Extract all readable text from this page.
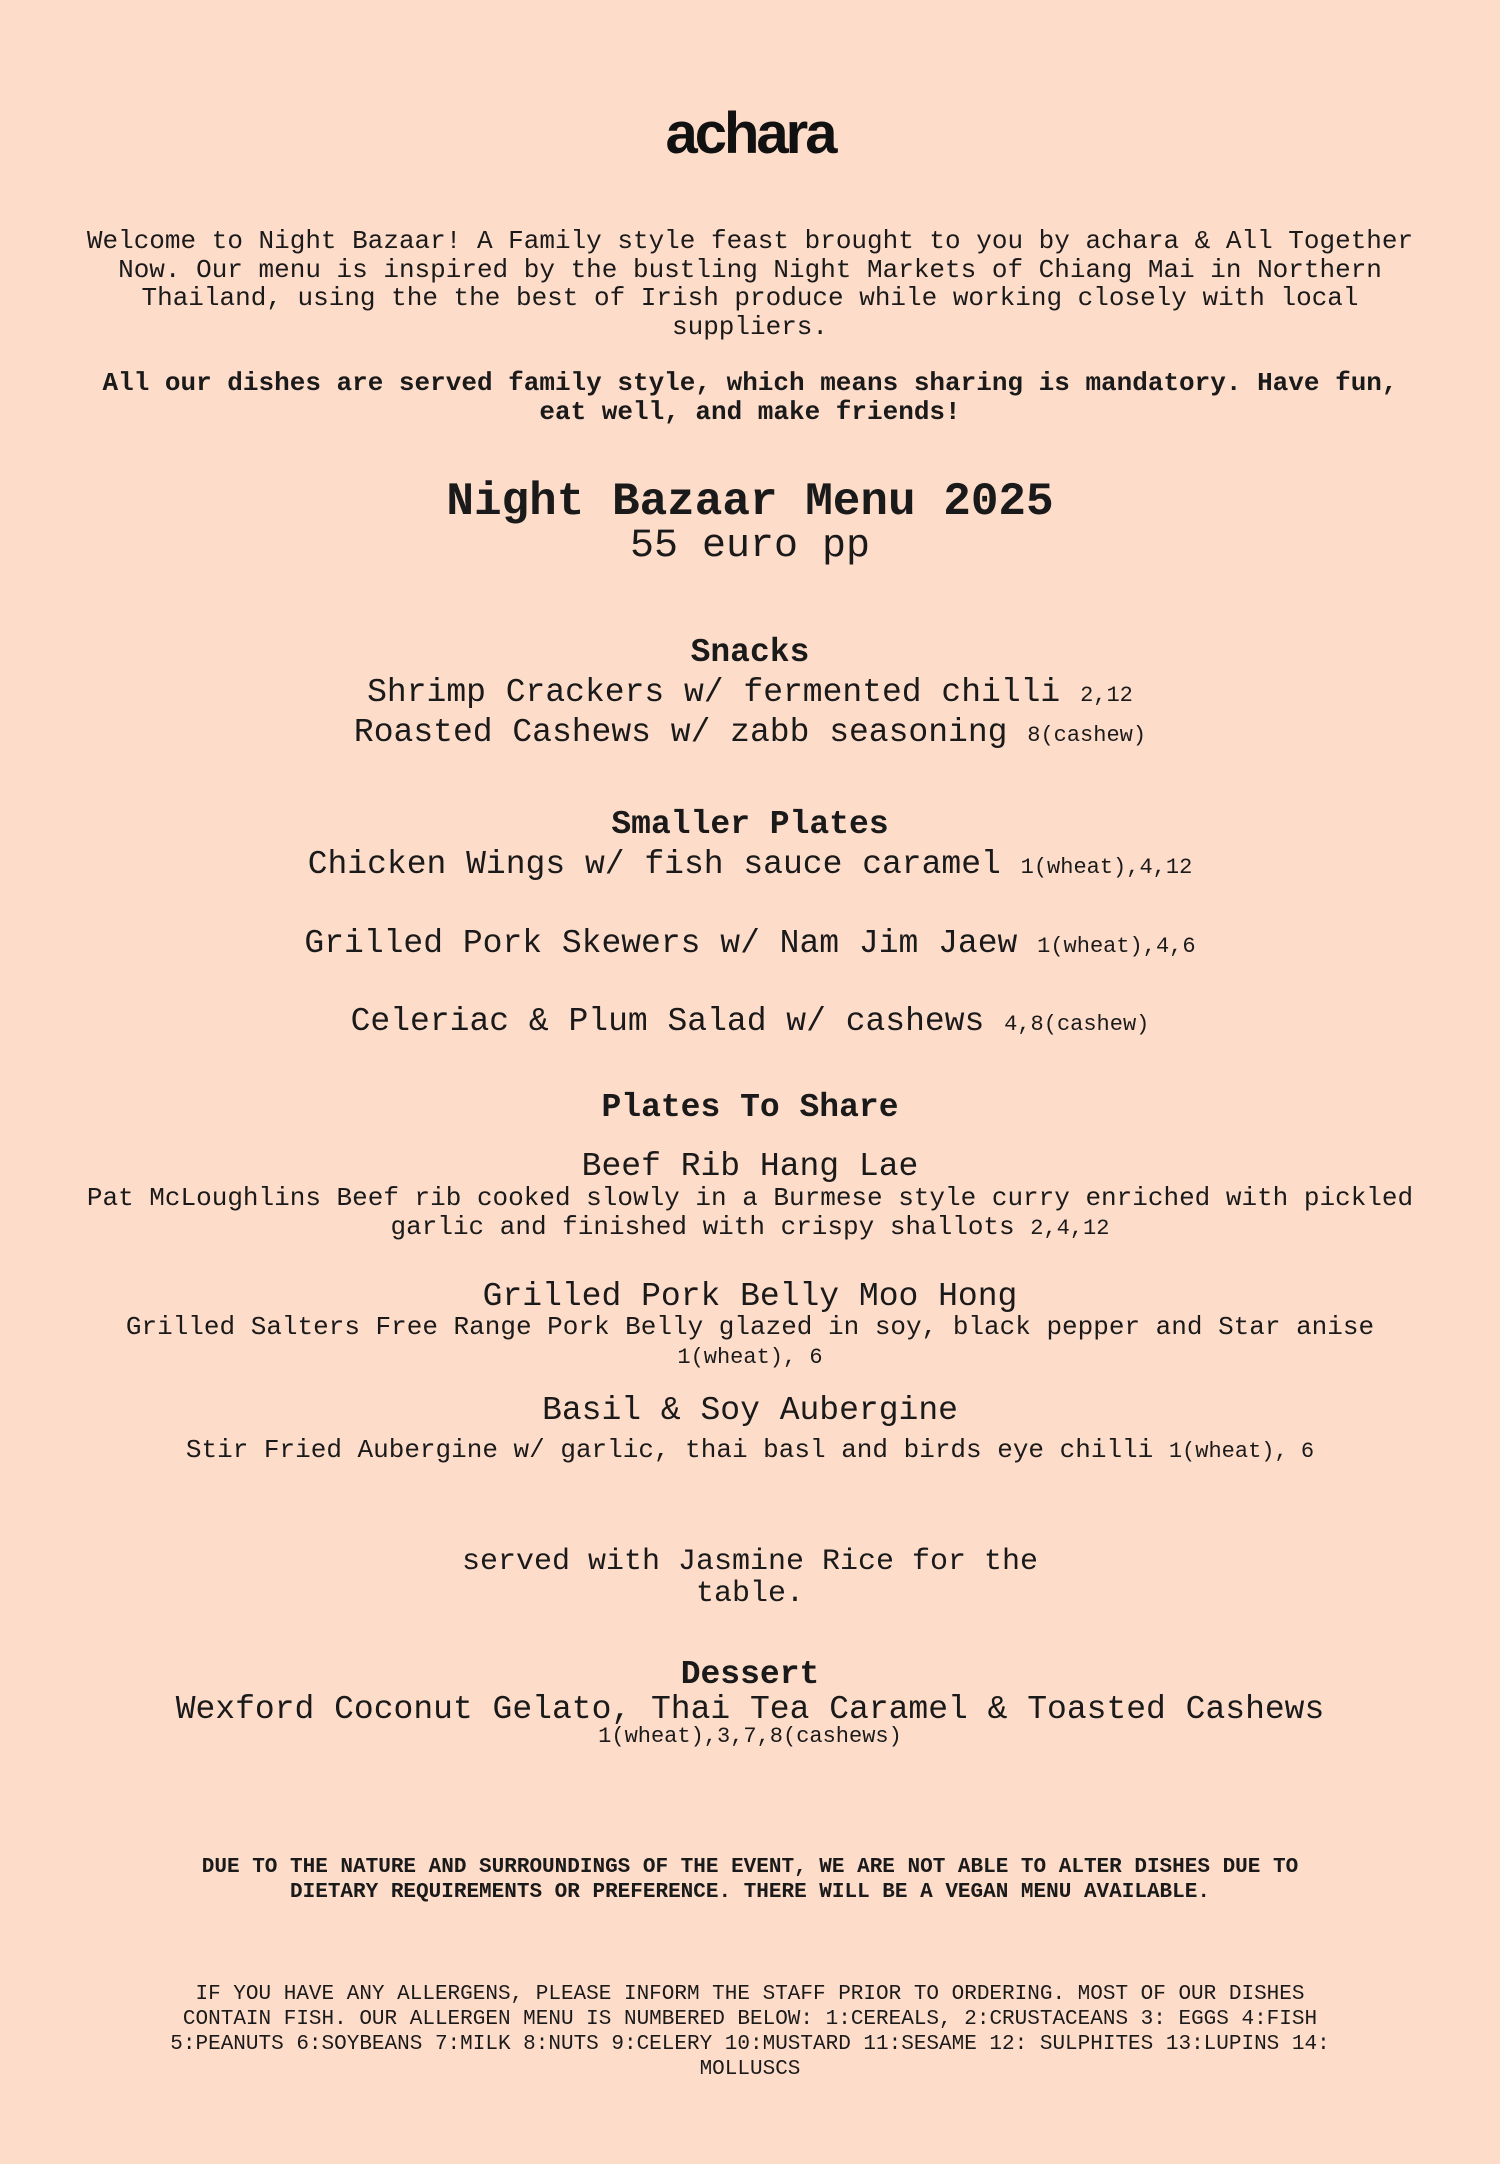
achara

Welcome to Night Bazaar! A Family style feast brought to you by achara & All Together Now. Our menu is inspired by the bustling Night Markets of Chiang Mai in Northern Thailand, using the the best of Irish produce while working closely with local suppliers.

All our dishes are served family style, which means sharing is mandatory. Have fun, eat well, and make friends!

Night Bazaar Menu 2025
55 euro pp
Snacks
Shrimp Crackers w/ fermented chilli 2,12
Roasted Cashews w/ zabb seasoning 8(cashew)
Smaller Plates
Chicken Wings w/ fish sauce caramel 1(wheat),4,12
Grilled Pork Skewers w/ Nam Jim Jaew 1(wheat),4,6
Celeriac & Plum Salad w/ cashews 4,8(cashew)
Plates To Share
Beef Rib Hang Lae

Pat McLoughlins Beef rib cooked slowly in a Burmese style curry enriched with pickled garlic and finished with crispy shallots 2,4,12

Grilled Pork Belly Moo Hong

Grilled Salters Free Range Pork Belly glazed in soy, black pepper and Star anise
1(wheat), 6

Basil & Soy Aubergine

Stir Fried Aubergine w/ garlic, thai basl and birds eye chilli 1(wheat), 6

served with Jasmine Rice for the table.

Dessert
Wexford Coconut Gelato, Thai Tea Caramel & Toasted Cashews
1(wheat),3,7,8(cashews)

DUE TO THE NATURE AND SURROUNDINGS OF THE EVENT, WE ARE NOT ABLE TO ALTER DISHES DUE TO DIETARY REQUIREMENTS OR PREFERENCE. THERE WILL BE A VEGAN MENU AVAILABLE.

IF YOU HAVE ANY ALLERGENS, PLEASE INFORM THE STAFF PRIOR TO ORDERING. MOST OF OUR DISHES CONTAIN FISH. OUR ALLERGEN MENU IS NUMBERED BELOW: 1:CEREALS, 2:CRUSTACEANS 3: EGGS 4:FISH 5:PEANUTS 6:SOYBEANS 7:MILK 8:NUTS 9:CELERY 10:MUSTARD 11:SESAME 12: SULPHITES 13:LUPINS 14: MOLLUSCS
